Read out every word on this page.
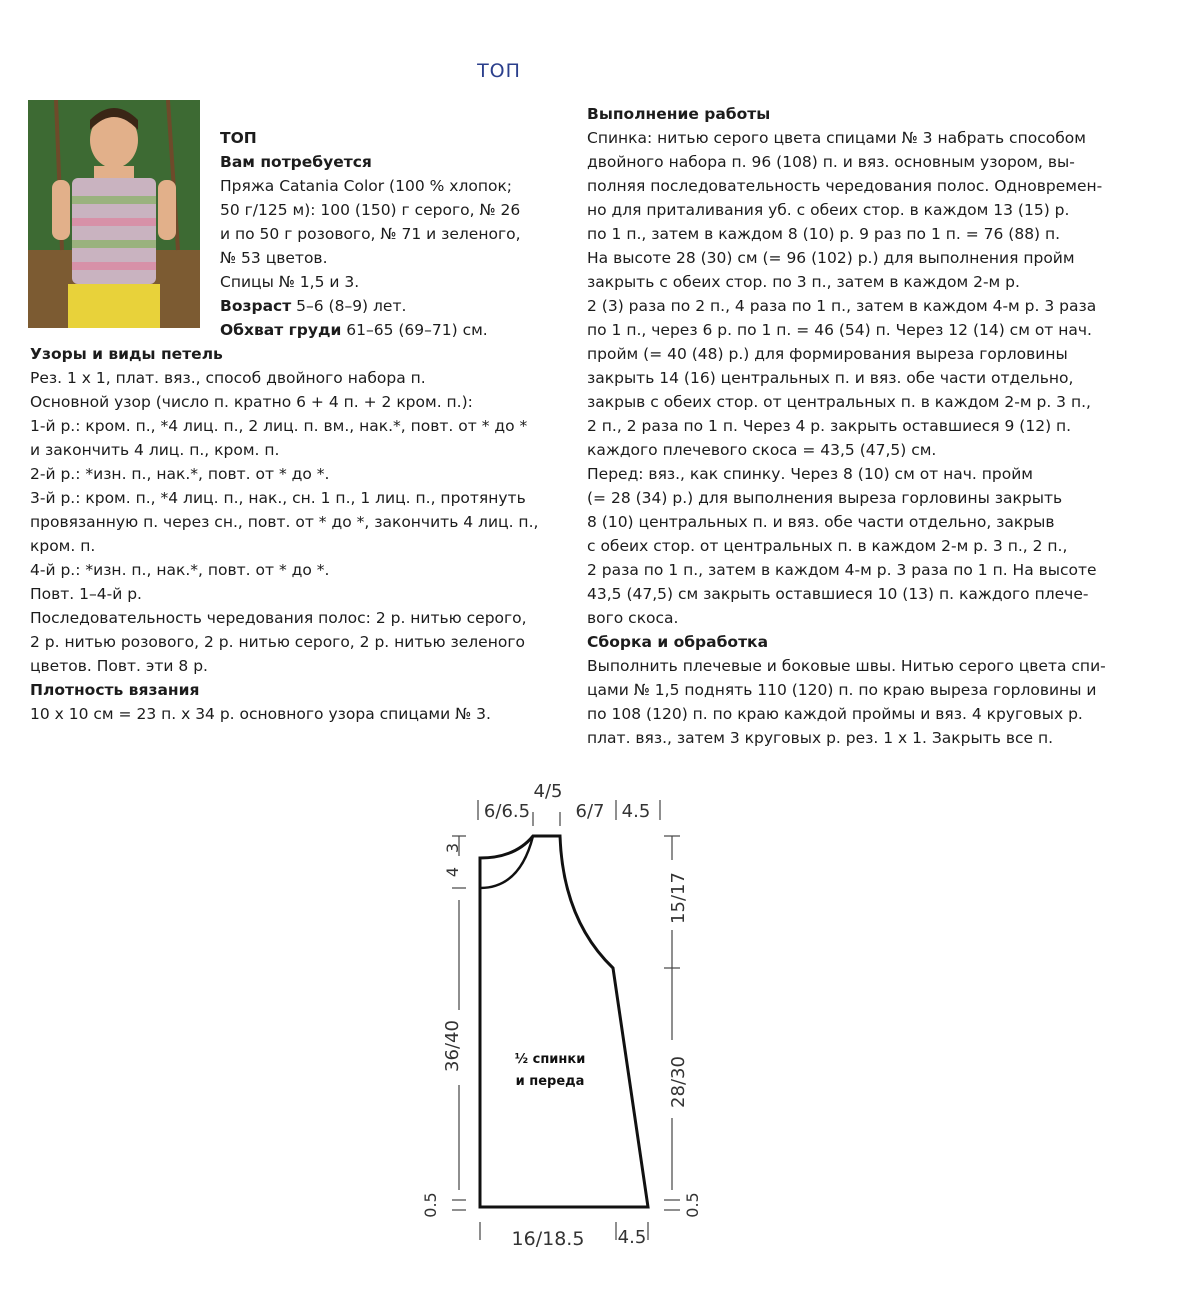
ТОП

ТОП

Вам потребуется

Пряжа Catania Color (100 % хлопок;

50 г/125 м): 100 (150) г серого, № 26

и по 50 г розового, № 71 и зеленого,

№ 53 цветов.

Спицы № 1,5 и 3.

Возраст 5–6 (8–9) лет.

Обхват груди 61–65 (69–71) см.

Узоры и виды петель

Рез. 1 х 1, плат. вяз., способ двойного набора п.

Основной узор (число п. кратно 6 + 4 п. + 2 кром. п.):

1-й р.: кром. п., *4 лиц. п., 2 лиц. п. вм., нак.*, повт. от * до *

и закончить 4 лиц. п., кром. п.

2-й р.: *изн. п., нак.*, повт. от * до *.

3-й р.: кром. п., *4 лиц. п., нак., сн. 1 п., 1 лиц. п., протянуть

провязанную п. через сн., повт. от * до *, закончить 4 лиц. п.,

кром. п.

4-й р.: *изн. п., нак.*, повт. от * до *.

Повт. 1–4-й р.

Последовательность чередования полос: 2 р. нитью серого,

2 р. нитью розового, 2 р. нитью серого, 2 р. нитью зеленого

цветов. Повт. эти 8 р.

Плотность вязания

10 х 10 см = 23 п. х 34 р. основного узора спицами № 3.

Выполнение работы

Спинка: нитью серого цвета спицами № 3 набрать способом

двойного набора п. 96 (108) п. и вяз. основным узором, вы-

полняя последовательность чередования полос. Одновремен-

но для приталивания уб. с обеих стор. в каждом 13 (15) р.

по 1 п., затем в каждом 8 (10) р. 9 раз по 1 п. = 76 (88) п.

На высоте 28 (30) см (= 96 (102) р.) для выполнения пройм

закрыть с обеих стор. по 3 п., затем в каждом 2-м р.

2 (3) раза по 2 п., 4 раза по 1 п., затем в каждом 4-м р. 3 раза

по 1 п., через 6 р. по 1 п. = 46 (54) п. Через 12 (14) см от нач.

пройм (= 40 (48) р.) для формирования выреза горловины

закрыть 14 (16) центральных п. и вяз. обе части отдельно,

закрыв с обеих стор. от центральных п. в каждом 2-м р. 3 п.,

2 п., 2 раза по 1 п. Через 4 р. закрыть оставшиеся 9 (12) п.

каждого плечевого скоса = 43,5 (47,5) см.

Перед: вяз., как спинку. Через 8 (10) см от нач. пройм

(= 28 (34) р.) для выполнения выреза горловины закрыть

8 (10) центральных п. и вяз. обе части отдельно, закрыв

с обеих стор. от центральных п. в каждом 2-м р. 3 п., 2 п.,

2 раза по 1 п., затем в каждом 4-м р. 3 раза по 1 п. На высоте

43,5 (47,5) см закрыть оставшиеся 10 (13) п. каждого плече-

вого скоса.

Сборка и обработка

Выполнить плечевые и боковые швы. Нитью серого цвета спи-

цами № 1,5 поднять 110 (120) п. по краю выреза горловины и

по 108 (120) п. по краю каждой проймы и вяз. 4 круговых р.

плат. вяз., затем 3 круговых р. рез. 1 х 1. Закрыть все п.

4/5
6/6.5	6/7 4.5
3
4
36/40
0.5
15/17
28/30
0.5
16/18.5 4.5
½ спинки
и переда
